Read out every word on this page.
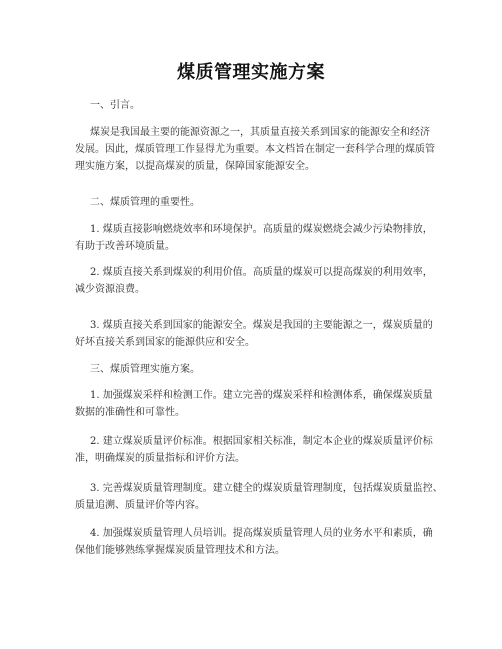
煤质管理实施方案
一、引言。
煤炭是我国最主要的能源资源之一，其质量直接关系到国家的能源安全和经济
发展。因此，煤质管理工作显得尤为重要。本文档旨在制定一套科学合理的煤质管
理实施方案，以提高煤炭的质量，保障国家能源安全。
二、煤质管理的重要性。
1. 煤质直接影响燃烧效率和环境保护。高质量的煤炭燃烧会减少污染物排放，
有助于改善环境质量。
2. 煤质直接关系到煤炭的利用价值。高质量的煤炭可以提高煤炭的利用效率，
减少资源浪费。
3. 煤质直接关系到国家的能源安全。煤炭是我国的主要能源之一，煤炭质量的
好坏直接关系到国家的能源供应和安全。
三、煤质管理实施方案。
1. 加强煤炭采样和检测工作。建立完善的煤炭采样和检测体系，确保煤炭质量
数据的准确性和可靠性。
2. 建立煤炭质量评价标准。根据国家相关标准，制定本企业的煤炭质量评价标
准，明确煤炭的质量指标和评价方法。
3. 完善煤炭质量管理制度。建立健全的煤炭质量管理制度，包括煤炭质量监控、
质量追溯、质量评价等内容。
4. 加强煤炭质量管理人员培训。提高煤炭质量管理人员的业务水平和素质，确
保他们能够熟练掌握煤炭质量管理技术和方法。
